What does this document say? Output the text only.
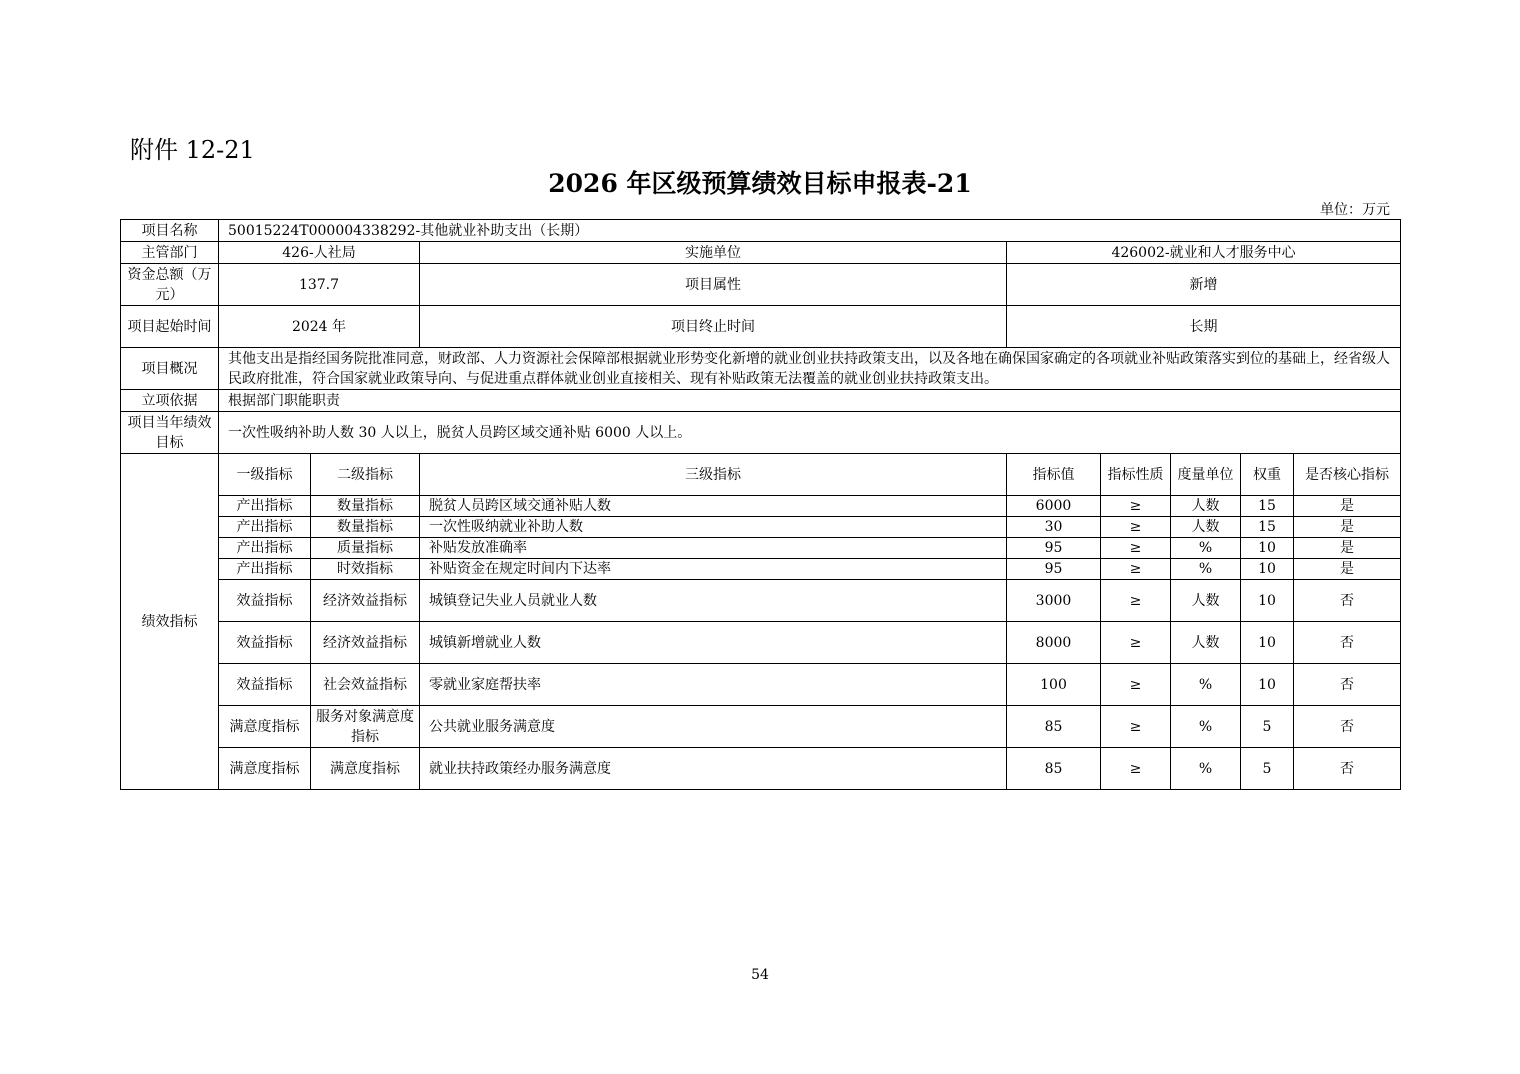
附件 12-21
2026 年区级预算绩效目标申报表-21
单位：万元
项目名称	50015224T000004338292-其他就业补助支出（长期）							
主管部门	426-人社局		实施单位	426002-就业和人才服务中心				
资金总额（万元）	137.7		项目属性	新增				
项目起始时间	2024 年		项目终止时间	长期				
项目概况	其他支出是指经国务院批准同意，财政部、人力资源社会保障部根据就业形势变化新增的就业创业扶持政策支出，以及各地在确保国家确定的各项就业补贴政策落实到位的基础上，经省级人民政府批准，符合国家就业政策导向、与促进重点群体就业创业直接相关、现有补贴政策无法覆盖的就业创业扶持政策支出。							
立项依据	根据部门职能职责							
项目当年绩效目标	一次性吸纳补助人数 30 人以上，脱贫人员跨区域交通补贴 6000 人以上。							
绩效指标	一级指标	二级指标	三级指标	指标值	指标性质	度量单位	权重	是否核心指标
	产出指标	数量指标	脱贫人员跨区域交通补贴人数	6000	≥	人数	15	是
	产出指标	数量指标	一次性吸纳就业补助人数	30	≥	人数	15	是
	产出指标	质量指标	补贴发放准确率	95	≥	%	10	是
	产出指标	时效指标	补贴资金在规定时间内下达率	95	≥	%	10	是
	效益指标	经济效益指标	城镇登记失业人员就业人数	3000	≥	人数	10	否
	效益指标	经济效益指标	城镇新增就业人数	8000	≥	人数	10	否
	效益指标	社会效益指标	零就业家庭帮扶率	100	≥	%	10	否
	满意度指标	服务对象满意度指标	公共就业服务满意度	85	≥	%	5	否
	满意度指标	满意度指标	就业扶持政策经办服务满意度	85	≥	%	5	否
54
